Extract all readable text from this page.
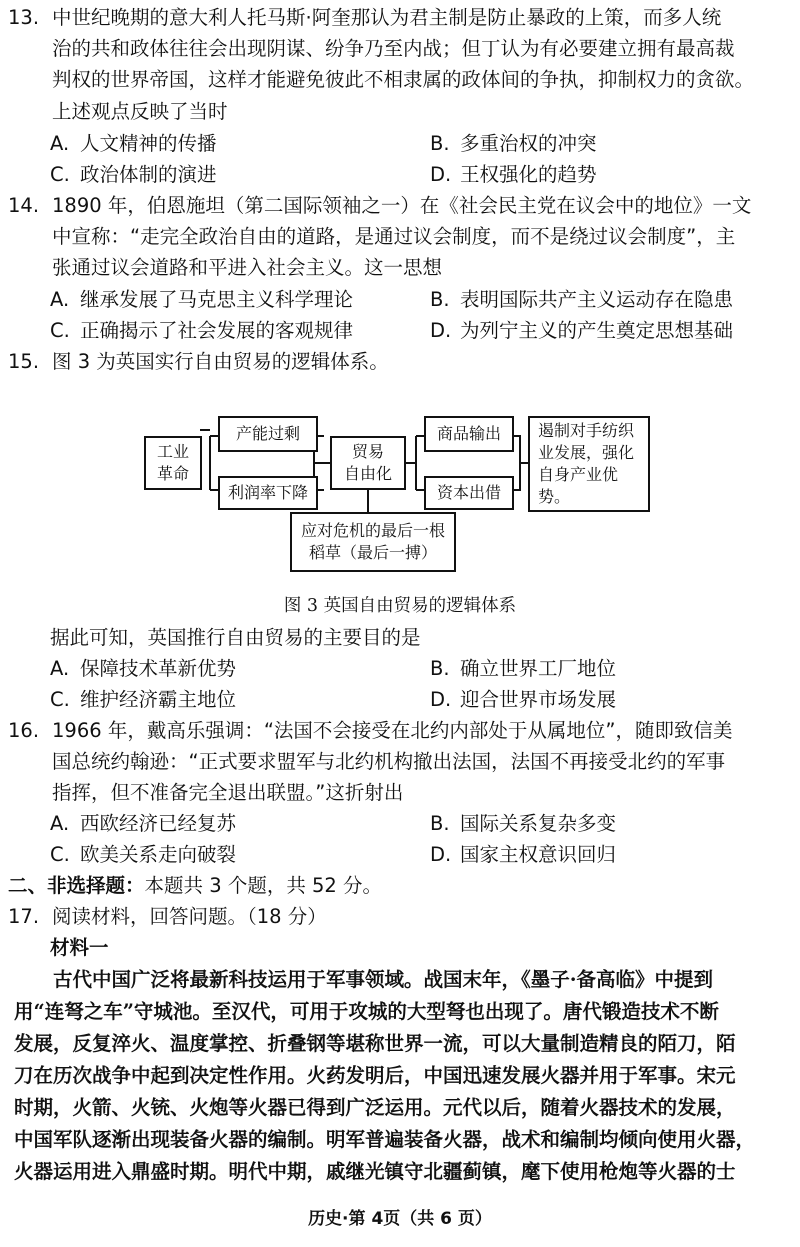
13. 中世纪晚期的意大利人托马斯·阿奎那认为君主制是防止暴政的上策，而多人统
治的共和政体往往会出现阴谋、纷争乃至内战；但丁认为有必要建立拥有最高裁
判权的世界帝国，这样才能避免彼此不相隶属的政体间的争执，抑制权力的贪欲。
上述观点反映了当时
A. 人文精神的传播	B. 多重治权的冲突
C. 政治体制的演进	D. 王权强化的趋势
14. 1890 年，伯恩施坦（第二国际领袖之一）在《社会民主党在议会中的地位》一文
中宣称：“走完全政治自由的道路，是通过议会制度，而不是绕过议会制度”，主
张通过议会道路和平进入社会主义。这一思想
A. 继承发展了马克思主义科学理论	B. 表明国际共产主义运动存在隐患
C. 正确揭示了社会发展的客观规律	D. 为列宁主义的产生奠定思想基础
15. 图 3 为英国实行自由贸易的逻辑体系。
工业
革命
产能过剩
利润率下降
贸易
自由化
商品输出
资本出借
遏制对手纺织
业发展，强化
自身产业优
势。
应对危机的最后一根
稻草（最后一搏）
图 3 英国自由贸易的逻辑体系
据此可知，英国推行自由贸易的主要目的是
A. 保障技术革新优势	B. 确立世界工厂地位
C. 维护经济霸主地位	D. 迎合世界市场发展
16. 1966 年，戴高乐强调：“法国不会接受在北约内部处于从属地位”，随即致信美
国总统约翰逊：“正式要求盟军与北约机构撤出法国，法国不再接受北约的军事
指挥，但不准备完全退出联盟。”这折射出
A. 西欧经济已经复苏	B. 国际关系复杂多变
C. 欧美关系走向破裂	D. 国家主权意识回归
二、非选择题：本题共 3 个题，共 52 分。
17. 阅读材料，回答问题。（18 分）
材料一
　　古代中国广泛将最新科技运用于军事领域。战国末年，《墨子·备高临》中提到
用“连弩之车”守城池。至汉代，可用于攻城的大型弩也出现了。唐代锻造技术不断
发展，反复淬火、温度掌控、折叠钢等堪称世界一流，可以大量制造精良的陌刀，陌
刀在历次战争中起到决定性作用。火药发明后，中国迅速发展火器并用于军事。宋元
时期，火箭、火铳、火炮等火器已得到广泛运用。元代以后，随着火器技术的发展，
中国军队逐渐出现装备火器的编制。明军普遍装备火器，战术和编制均倾向使用火器，
火器运用进入鼎盛时期。明代中期，戚继光镇守北疆蓟镇，麾下使用枪炮等火器的士
历史·第 4页（共 6 页）
